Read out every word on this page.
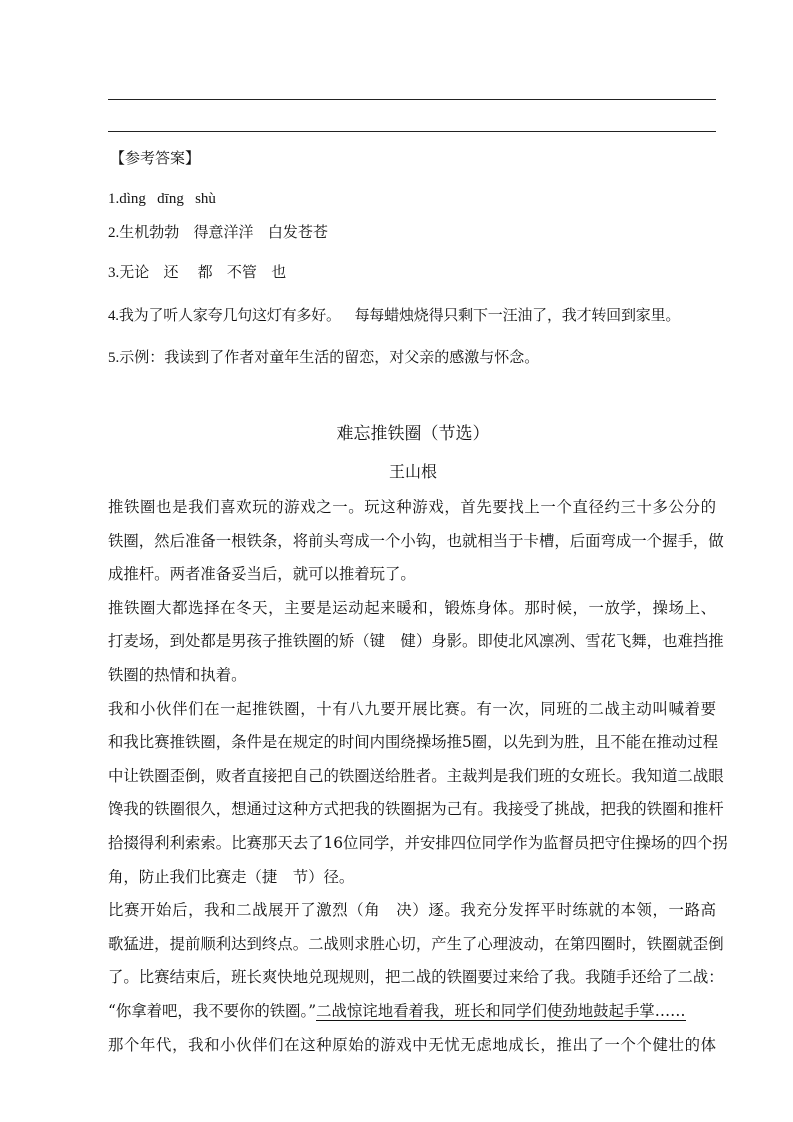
【参考答案】
1.dìng   dīng   shù
2.生机勃勃   得意洋洋   白发苍苍
3.无论   还    都   不管   也
4.我为了听人家夸几句这灯有多好。   每每蜡烛烧得只剩下一汪油了，我才转回到家里。
5.示例：我读到了作者对童年生活的留恋，对父亲的感激与怀念。
难忘推铁圈（节选）
王山根
推铁圈也是我们喜欢玩的游戏之一。玩这种游戏，首先要找上一个直径约三十多公分的
铁圈，然后准备一根铁条，将前头弯成一个小钩，也就相当于卡槽，后面弯成一个握手，做
成推杆。两者准备妥当后，就可以推着玩了。
推铁圈大都选择在冬天，主要是运动起来暖和，锻炼身体。那时候，一放学，操场上、
打麦场，到处都是男孩子推铁圈的矫（键　健）身影。即使北风凛冽、雪花飞舞，也难挡推
铁圈的热情和执着。
我和小伙伴们在一起推铁圈，十有八九要开展比赛。有一次，同班的二战主动叫喊着要
和我比赛推铁圈，条件是在规定的时间内围绕操场推5圈，以先到为胜，且不能在推动过程
中让铁圈歪倒，败者直接把自己的铁圈送给胜者。主裁判是我们班的女班长。我知道二战眼
馋我的铁圈很久，想通过这种方式把我的铁圈据为己有。我接受了挑战，把我的铁圈和推杆
拾掇得利利索索。比赛那天去了16位同学，并安排四位同学作为监督员把守住操场的四个拐
角，防止我们比赛走（捷　节）径。
比赛开始后，我和二战展开了激烈（角　决）逐。我充分发挥平时练就的本领，一路高
歌猛进，提前顺利达到终点。二战则求胜心切，产生了心理波动，在第四圈时，铁圈就歪倒
了。比赛结束后，班长爽快地兑现规则，把二战的铁圈要过来给了我。我随手还给了二战：
“你拿着吧，我不要你的铁圈。”二战惊诧地看着我，班长和同学们使劲地鼓起手掌……
那个年代，我和小伙伴们在这种原始的游戏中无忧无虑地成长，推出了一个个健壮的体
